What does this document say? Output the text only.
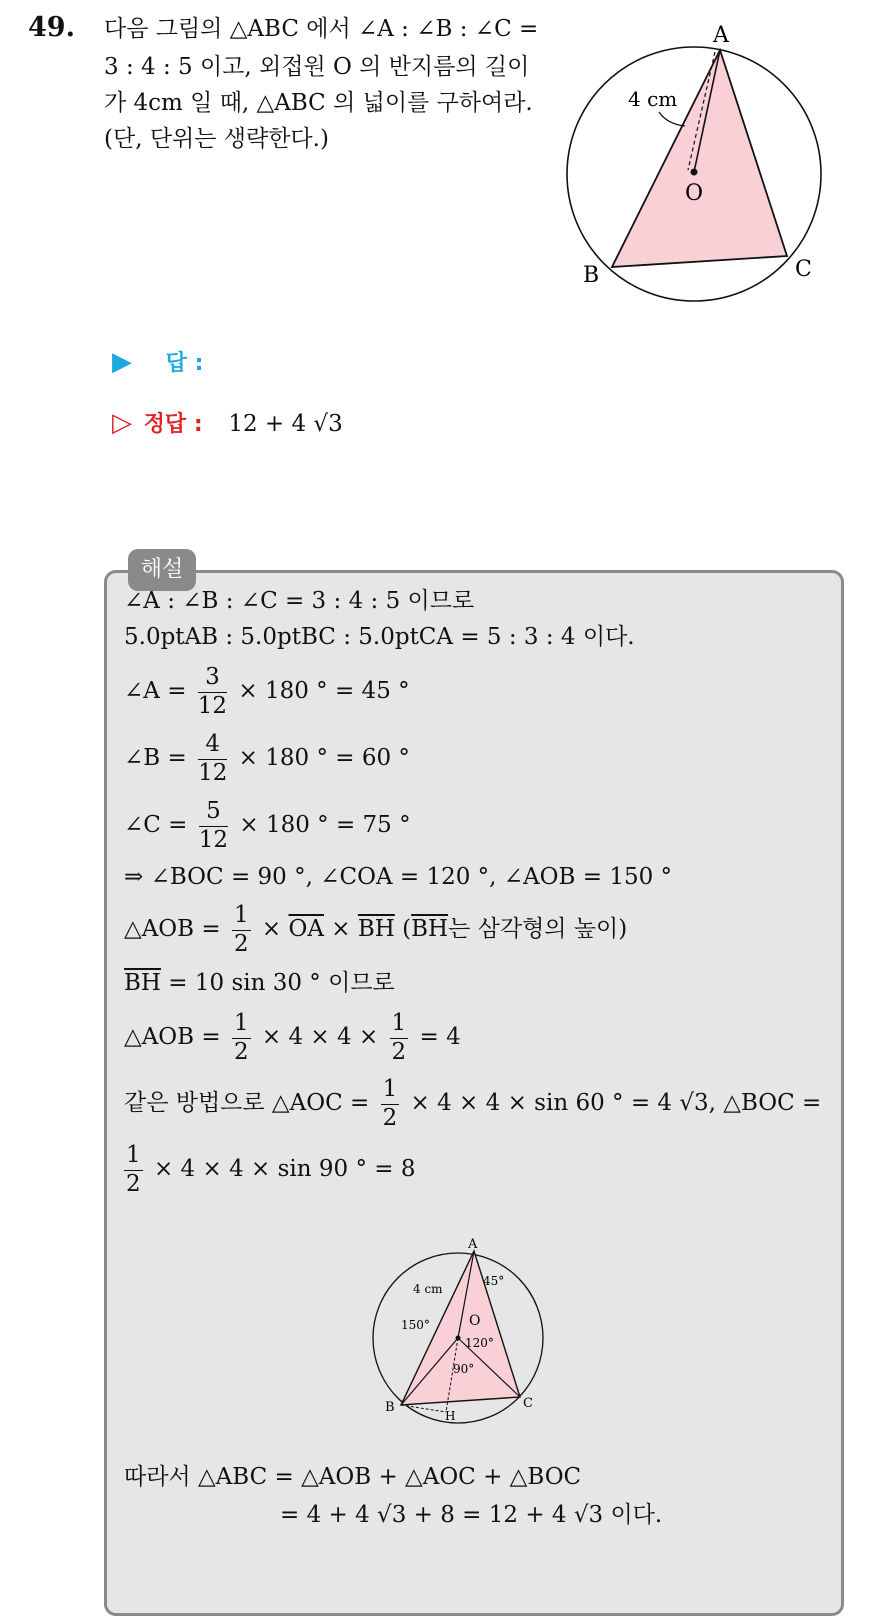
49. 다음 그림의 △ABC 에서 ∠A : ∠B : ∠C =
3 : 4 : 5 이고, 외접원 O 의 반지름의 길이
가 4cm 일 때, △ABC 의 넓이를 구하여라.
(단, 단위는 생략한다.)
A
B	C
O
4 cm
▶ 답 :
▷ 정답 : 12 + 4 √3
해설
∠A : ∠B : ∠C = 3 : 4 : 5 이므로
5.0ptAB : 5.0ptBC : 5.0ptCA = 5 : 3 : 4 이다.
∠A = $\frac{3}{12} \times 180$ ° = 45 °
∠B = $\frac{4}{12} \times 180$ ° = 60 °
∠C = $\frac{5}{12} \times 180$ ° = 75 °
⇒ ∠BOC = 90 °, ∠COA = 120 °, ∠AOB = 150 °
△AOB = $\frac{1}{2} \times \overline{OA} \times \overline{BH}$ ($\overline{BH}$는 삼각형의 높이)
$\overline{BH} = 10$ sin 30 ° 이므로
△AOB = $\frac{1}{2} \times 4 \times 4 \times \frac{1}{2} = 4$
같은 방법으로 △AOC = $\frac{1}{2} \times 4 \times 4 \times \sin 60$ ° = 4 √3, △BOC =
$\frac{1}{2} \times 4 \times 4 \times \sin 90$ ° = 8
A
B	C
O
H
4 cm
45°
150°
120°
90°
따라서 △ABC = △AOB + △AOC + △BOC
= 4 + 4 √3 + 8 = 12 + 4 √3 이다.
